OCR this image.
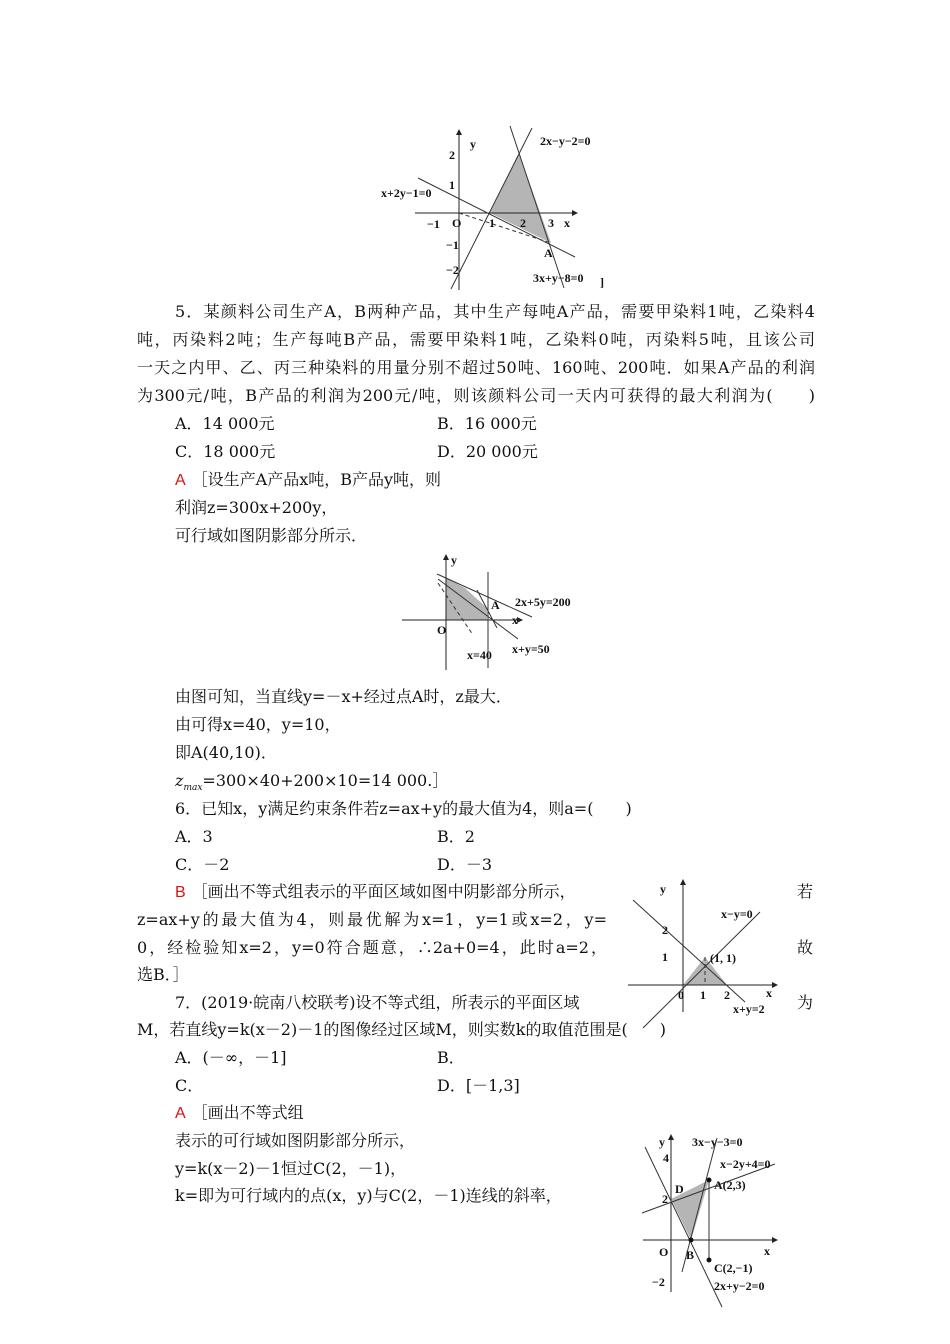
y
2
1
−1 O 1 2 3 x
−1
−2
2x−y−2=0
x+2y−1=0
3x+y−8=0
A
]
y
x
O
A 2x+5y=200
x=40 x+y=50
y
x−y=0
2
1	(1, 1)
0 1 2	x
x+y=2
y 3x−y−3=0
4	x−2y+4=0
A(2,3)
D
2
O B	x
C(2,−1)
−2	2x+y−2=0
5．某颜料公司生产A，B两种产品，其中生产每吨A产品，需要甲染料1吨，乙染料4
吨，丙染料2吨；生产每吨B产品，需要甲染料1吨，乙染料0吨，丙染料5吨，且该公司
一天之内甲、乙、丙三种染料的用量分别不超过50吨、160吨、200吨．如果A产品的利润
为300元/吨，B产品的利润为200元/吨，则该颜料公司一天内可获得的最大利润为(　　)
A．14 000元	B．16 000元
C．18 000元	D．20 000元
A ［设生产A产品x吨，B产品y吨，则
利润z=300x+200y，
可行域如图阴影部分所示．
由图可知，当直线y=－x+经过点A时，z最大．
由可得x=40，y=10，
即A(40,10)．
$z_{max}=300\times 40+200\times 10=14$ 000.］
6．已知x，y满足约束条件若z=ax+y的最大值为4，则a=(　　)
A．3	B．2
C．－2	D．－3
B ［画出不等式组表示的平面区域如图中阴影部分所示，	若
z=ax+y的最大值为4，则最优解为x=1，y=1或x=2，y=
0，经检验知x=2，y=0符合题意，∴2a+0=4，此时a=2，	故
选B．］
7．(2019·皖南八校联考)设不等式组，所表示的平面区域	为
M，若直线y=k(x－2)－1的图像经过区域M，则实数k的取值范围是(　　)
A．(－∞，－1]	B．
C．	D．[－1,3]
A ［画出不等式组
表示的可行域如图阴影部分所示，
y=k(x－2)－1恒过C(2，－1)，
k=即为可行域内的点(x，y)与C(2，－1)连线的斜率，
